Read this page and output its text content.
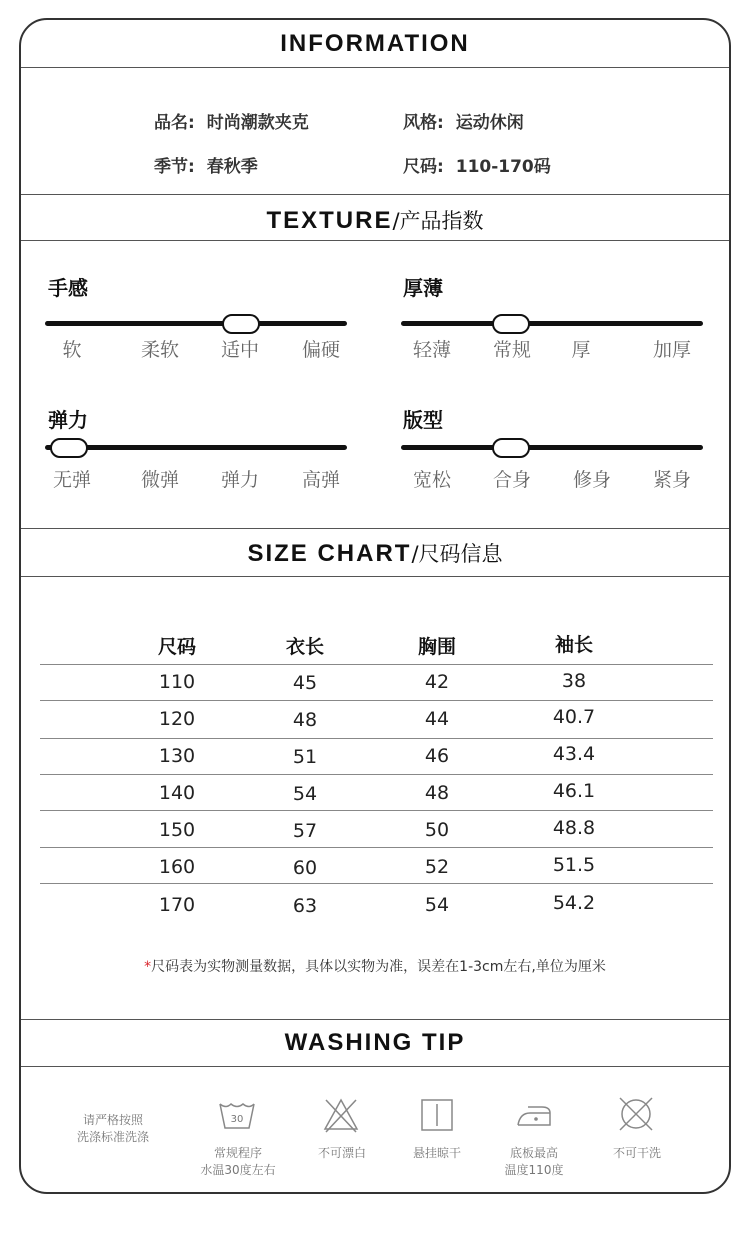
INFORMATION
品名: 时尚潮款夹克	风格: 运动休闲
季节: 春秋季	尺码: 110-170码
TEXTURE/产品指数
手感
软	柔软 适中 偏硬
厚薄
轻薄 常规 厚	加厚
弹力
无弹	微弹 弹力 高弹
版型
宽松 合身 修身 紧身
SIZE CHART/尺码信息
尺码	衣长	胸围	袖长
110	45	42	38
120	48	44	40.7
130	51	46	43.4
140	54	48	46.1
150	57	50	48.8
160	60	52	51.5
170	63	54	54.2
*尺码表为实物测量数据，具体以实物为准，误差在1-3cm左右,单位为厘米
WASHING TIP
请严格按照
洗涤标准洗涤
30
常规程序
水温30度左右
不可漂白	悬挂晾干	底板最高
温度110度
不可干洗
